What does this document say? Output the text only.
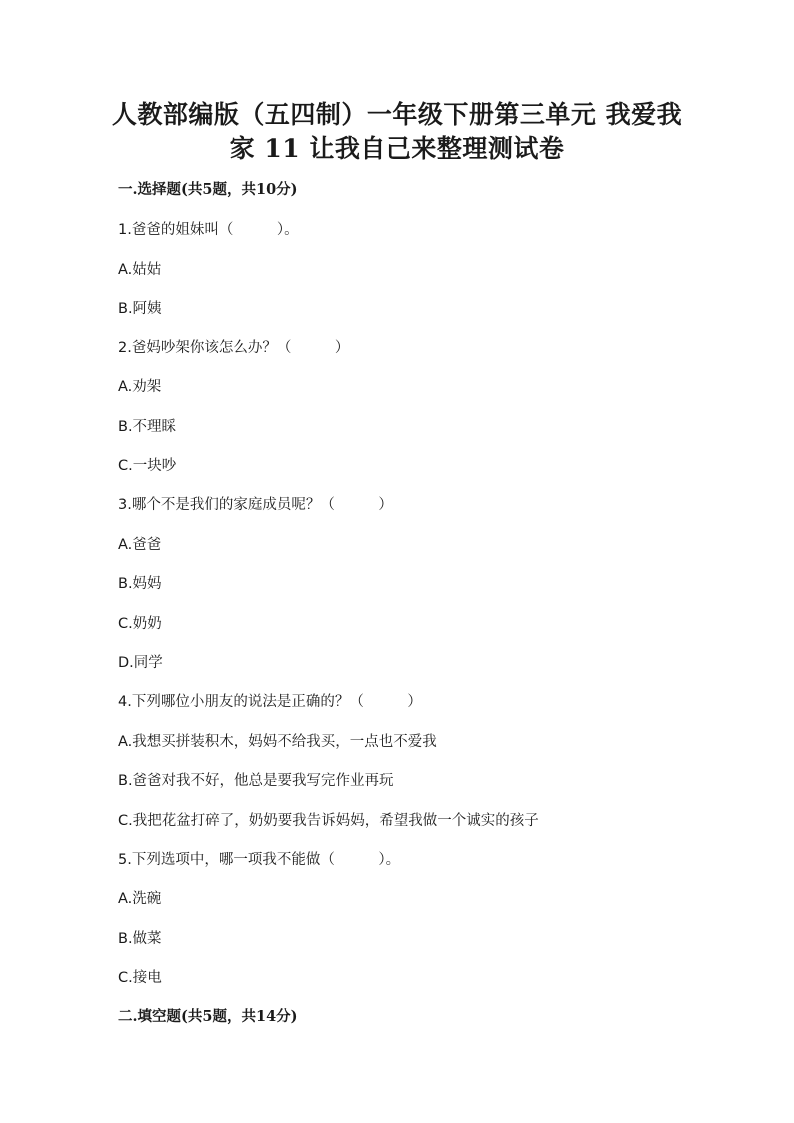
人教部编版（五四制）一年级下册第三单元 我爱我
家 11 让我自己来整理测试卷
一.选择题(共5题，共10分)
1.爸爸的姐妹叫（　　　）。
A.姑姑
B.阿姨
2.爸妈吵架你该怎么办？（　　　）
A.劝架
B.不理睬
C.一块吵
3.哪个不是我们的家庭成员呢？（　　　）
A.爸爸
B.妈妈
C.奶奶
D.同学
4.下列哪位小朋友的说法是正确的？（　　　）
A.我想买拼装积木，妈妈不给我买，一点也不爱我
B.爸爸对我不好，他总是要我写完作业再玩
C.我把花盆打碎了，奶奶要我告诉妈妈，希望我做一个诚实的孩子
5.下列选项中，哪一项我不能做（　　　）。
A.洗碗
B.做菜
C.接电
二.填空题(共5题，共14分)
